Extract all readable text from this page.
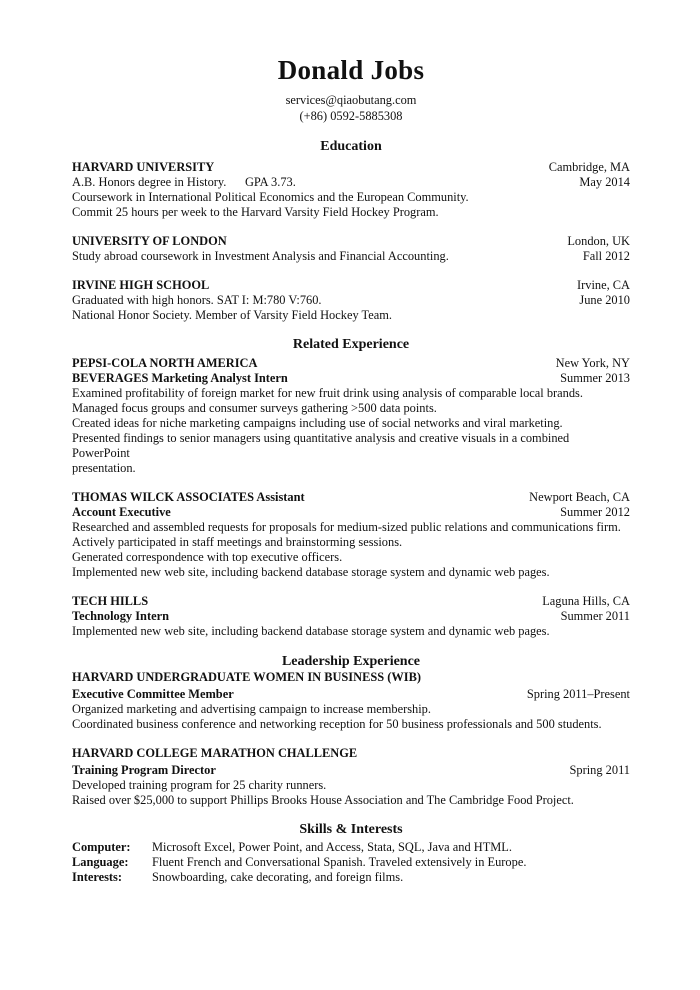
Donald Jobs
services@qiaobutang.com
(+86) 0592-5885308
Education
HARVARD UNIVERSITY	Cambridge, MA
A.B. Honors degree in History.      GPA 3.73.	May 2014
Coursework in International Political Economics and the European Community.
Commit 25 hours per week to the Harvard Varsity Field Hockey Program.
UNIVERSITY OF LONDON	London, UK
Study abroad coursework in Investment Analysis and Financial Accounting.	Fall 2012
IRVINE HIGH SCHOOL	Irvine, CA
Graduated with high honors. SAT I: M:780 V:760.	June 2010
National Honor Society. Member of Varsity Field Hockey Team.
Related Experience
PEPSI-COLA NORTH AMERICA	New York, NY
BEVERAGES Marketing Analyst Intern	Summer 2013
Examined profitability of foreign market for new fruit drink using analysis of comparable local brands.
Managed focus groups and consumer surveys gathering >500 data points.
Created ideas for niche marketing campaigns including use of social networks and viral marketing.
Presented findings to senior managers using quantitative analysis and creative visuals in a combined PowerPoint
presentation.
THOMAS WILCK ASSOCIATES Assistant	Newport Beach, CA
Account Executive	Summer 2012
Researched and assembled requests for proposals for medium-sized public relations and communications firm.
Actively participated in staff meetings and brainstorming sessions.
Generated correspondence with top executive officers.
Implemented new web site, including backend database storage system and dynamic web pages.
TECH HILLS	Laguna Hills, CA
Technology Intern	Summer 2011
Implemented new web site, including backend database storage system and dynamic web pages.
Leadership Experience
HARVARD UNDERGRADUATE WOMEN IN BUSINESS (WIB)
Executive Committee Member	Spring 2011–Present
Organized marketing and advertising campaign to increase membership.
Coordinated business conference and networking reception for 50 business professionals and 500 students.
HARVARD COLLEGE MARATHON CHALLENGE
Training Program Director	Spring 2011
Developed training program for 25 charity runners.
Raised over $25,000 to support Phillips Brooks House Association and The Cambridge Food Project.
Skills & Interests
Computer:	Microsoft Excel, Power Point, and Access, Stata, SQL, Java and HTML.
Language:	Fluent French and Conversational Spanish. Traveled extensively in Europe.
Interests:	Snowboarding, cake decorating, and foreign films.
